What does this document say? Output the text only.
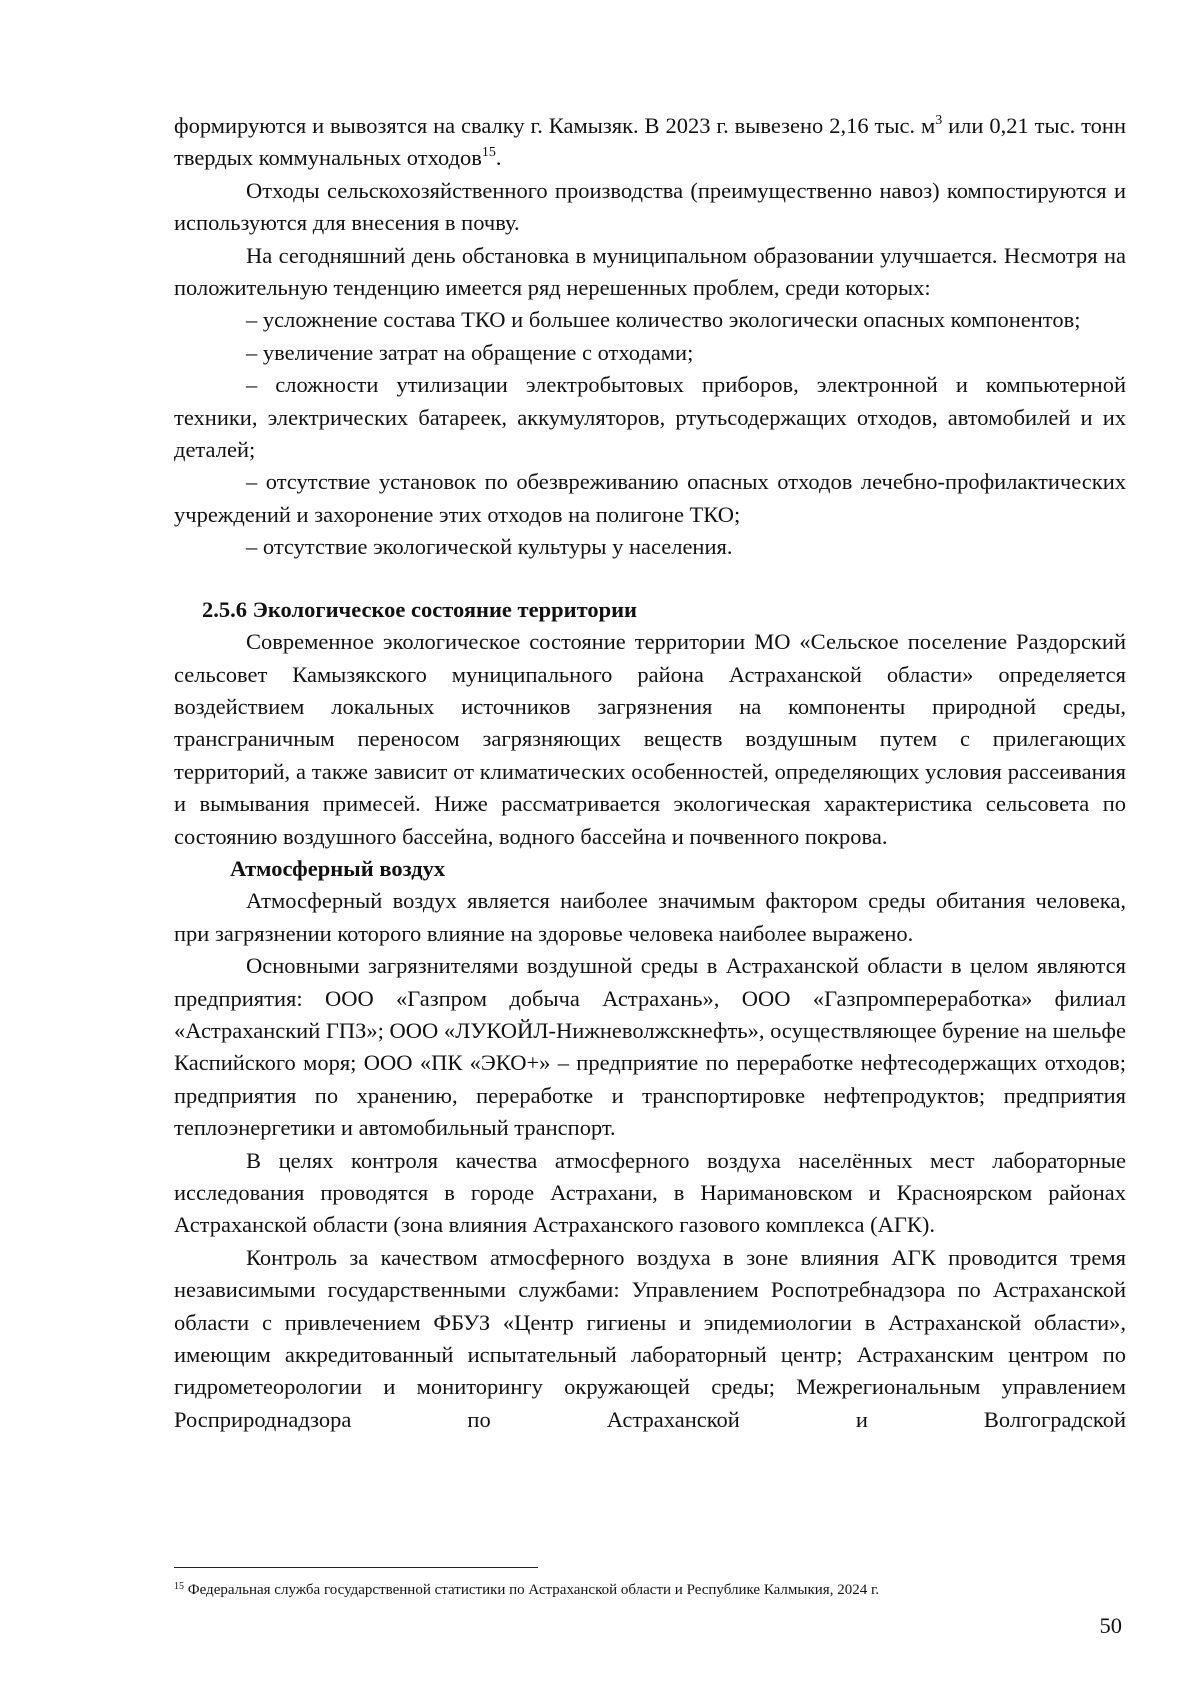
формируются и вывозятся на свалку г. Камызяк. В 2023 г. вывезено 2,16 тыс. $м^3$ или 0,21 тыс. тонн твердых коммунальных отходов$^{15}$.

Отходы сельскохозяйственного производства (преимущественно навоз) компостируются и используются для внесения в почву.

На сегодняшний день обстановка в муниципальном образовании улучшается. Несмотря на положительную тенденцию имеется ряд нерешенных проблем, среди которых:

– усложнение состава ТКО и большее количество экологически опасных компонентов;

– увеличение затрат на обращение с отходами;

– сложности утилизации электробытовых приборов, электронной и компьютерной техники, электрических батареек, аккумуляторов, ртутьсодержащих отходов, автомобилей и их деталей;

– отсутствие установок по обезвреживанию опасных отходов лечебно-профилактических учреждений и захоронение этих отходов на полигоне ТКО;

– отсутствие экологической культуры у населения.

2.5.6 Экологическое состояние территории

Современное экологическое состояние территории МО «Сельское поселение Раздорский сельсовет Камызякского муниципального района Астраханской области» определяется воздействием локальных источников загрязнения на компоненты природной среды, трансграничным переносом загрязняющих веществ воздушным путем с прилегающих территорий, а также зависит от климатических особенностей, определяющих условия рассеивания и вымывания примесей. Ниже рассматривается экологическая характеристика сельсовета по состоянию воздушного бассейна, водного бассейна и почвенного покрова.

Атмосферный воздух

Атмосферный воздух является наиболее значимым фактором среды обитания человека, при загрязнении которого влияние на здоровье человека наиболее выражено.

Основными загрязнителями воздушной среды в Астраханской области в целом являются предприятия: ООО «Газпром добыча Астрахань», ООО «Газпромпереработка» филиал «Астраханский ГПЗ»; ООО «ЛУКОЙЛ-Нижневолжскнефть», осуществляющее бурение на шельфе Каспийского моря; ООО «ПК «ЭКО+» – предприятие по переработке нефтесодержащих отходов; предприятия по хранению, переработке и транспортировке нефтепродуктов; предприятия теплоэнергетики и автомобильный транспорт.

В целях контроля качества атмосферного воздуха населённых мест лабораторные исследования проводятся в городе Астрахани, в Наримановском и Красноярском районах Астраханской области (зона влияния Астраханского газового комплекса (АГК).

Контроль за качеством атмосферного воздуха в зоне влияния АГК проводится тремя независимыми государственными службами: Управлением Роспотребнадзора по Астраханской области с привлечением ФБУЗ «Центр гигиены и эпидемиологии в Астраханской области», имеющим аккредитованный испытательный лабораторный центр; Астраханским центром по гидрометеорологии и мониторингу окружающей среды; Межрегиональным управлением Росприроднадзора по Астраханской и Волгоградской

$^{15}$ Федеральная служба государственной статистики по Астраханской области и Республике Калмыкия, 2024 г.
50
